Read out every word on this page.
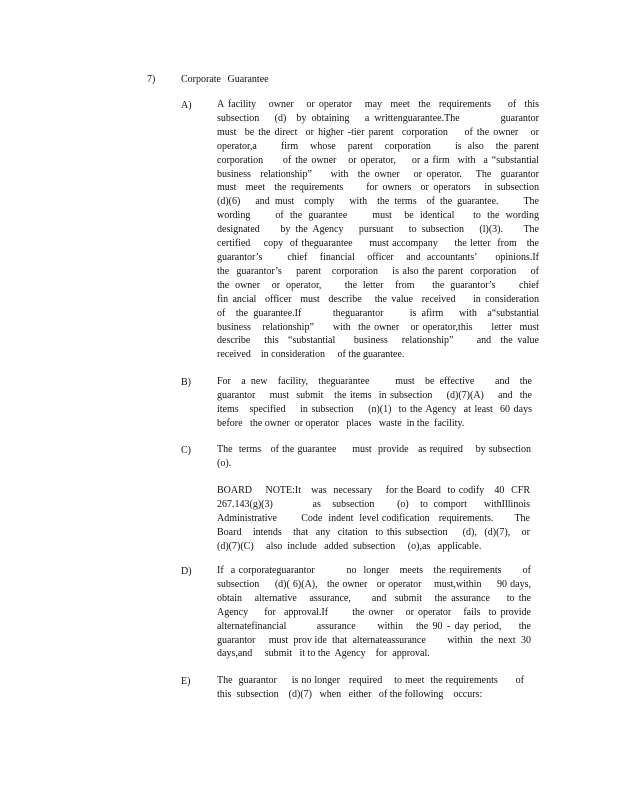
7)	Corporate Guarantee
A)	A facility   owner   or operator   may  meet  the  requirements    of  this
subsection   (d)  by obtaining   a writtenguarantee.The        guarantor
must  be the direct  or higher -tier parent  corporation    of the owner   or
operator,a    firm  whose  parent  corporation    is also  the parent
corporation     of the owner   or operator,    or a firm  with  a “substantial
business  relationship”    with  the owner   or operator.   The  guarantor
must  meet  the requirements     for owners  or operators   in subsection
(d)(6)   and must  comply   with  the terms  of the guarantee.     The
wording    of the guarantee    must  be identical   to the wording
designated    by the Agency   pursuant   to subsection   (l)(3).    The
certified    copy  of theguarantee     must accompany     the letter  from   the
guarantor’s    chief  financial  officer  and accountants’   opinions.If
the  guarantor’s    parent   corporation    is also the parent  corporation    of
the owner  or operator,    the letter  from   the guarantor’s    chief
fin ancial  officer  must  describe   the value  received    in consideration
of  the guarantee.If      theguarantor     is afirm   with  a“substantial
business   relationship”     with  the owner   or operator,this     letter  must
describe   this  “substantial    business   relationship”     and  the value
received    in consideration     of the guarantee.
B)	For  a new  facility,  theguarantee     must  be effective    and  the
guarantor    must  submit   the items  in subsection    (d)(7)(A)    and  the
items   specified    in subsection    (n)(1)  to the Agency  at least  60 days
before   the owner  or operator   places   waste  in the  facility.
C)	The  terms   of the guarantee     must  provide   as required    by subsection
(o).
BOARD    NOTE:It   was  necessary    for the Board  to codify   40  CFR
267.143(g)(3)       as  subsection    (o)  to comport   withIllinois
Administrative        Code  indent  level codification   requirements.       The
Board   intends   that  any  citation  to this subsection    (d),  (d)(7),   or
(d)(7)(C)     also  include   added  subsection     (o),as   applicable.
D)	If  a corporateguarantor         no  longer   meets   the requirements      of
subsection     (d)( 6)(A),   the owner   or operator    must,within     90 days,
obtain   alternative   assurance,     and  submit   the assurance    to the
Agency    for  approval.If      the owner   or operator   fails  to provide
alternatefinancial       assurance     within   the 90 - day period,    the
guarantor     must  prov ide  that  alternateassurance        within   the  next  30
days,and     submit   it to the  Agency    for  approval.
E)	The  guarantor     is no longer   required    to meet  the requirements      of
this  subsection    (d)(7)   when   either   of the following    occurs:
